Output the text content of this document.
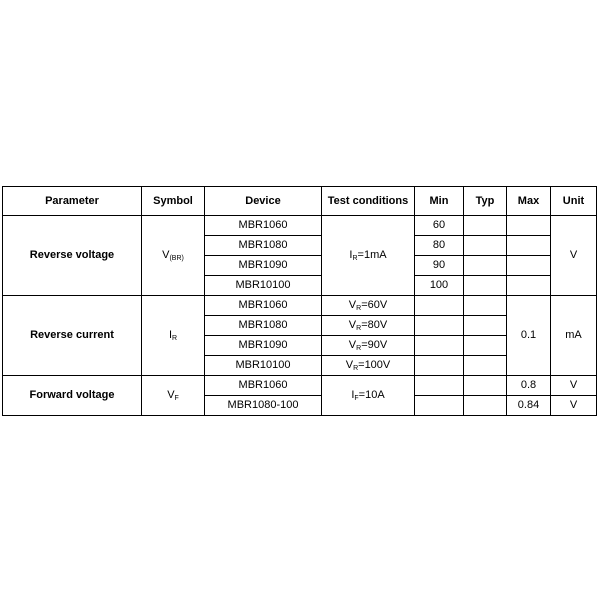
Parameter	Symbol	Device	Test conditions	Min	Typ	Max	Unit
Reverse voltage	$V_{(BR)}$	MBR1060	$I_R=1mA$	60			V
		MBR1080		80			
		MBR1090		90			
		MBR10100		100			
Reverse current	$I_R$	MBR1060	$V_R=60V$			0.1	mA
		MBR1080	$V_R=80V$				
		MBR1090	$V_R=90V$				
		MBR10100	$V_R=100V$				
Forward voltage	$V_F$	MBR1060	$I_F=10A$			0.8	V
		MBR1080-100				0.84	V
